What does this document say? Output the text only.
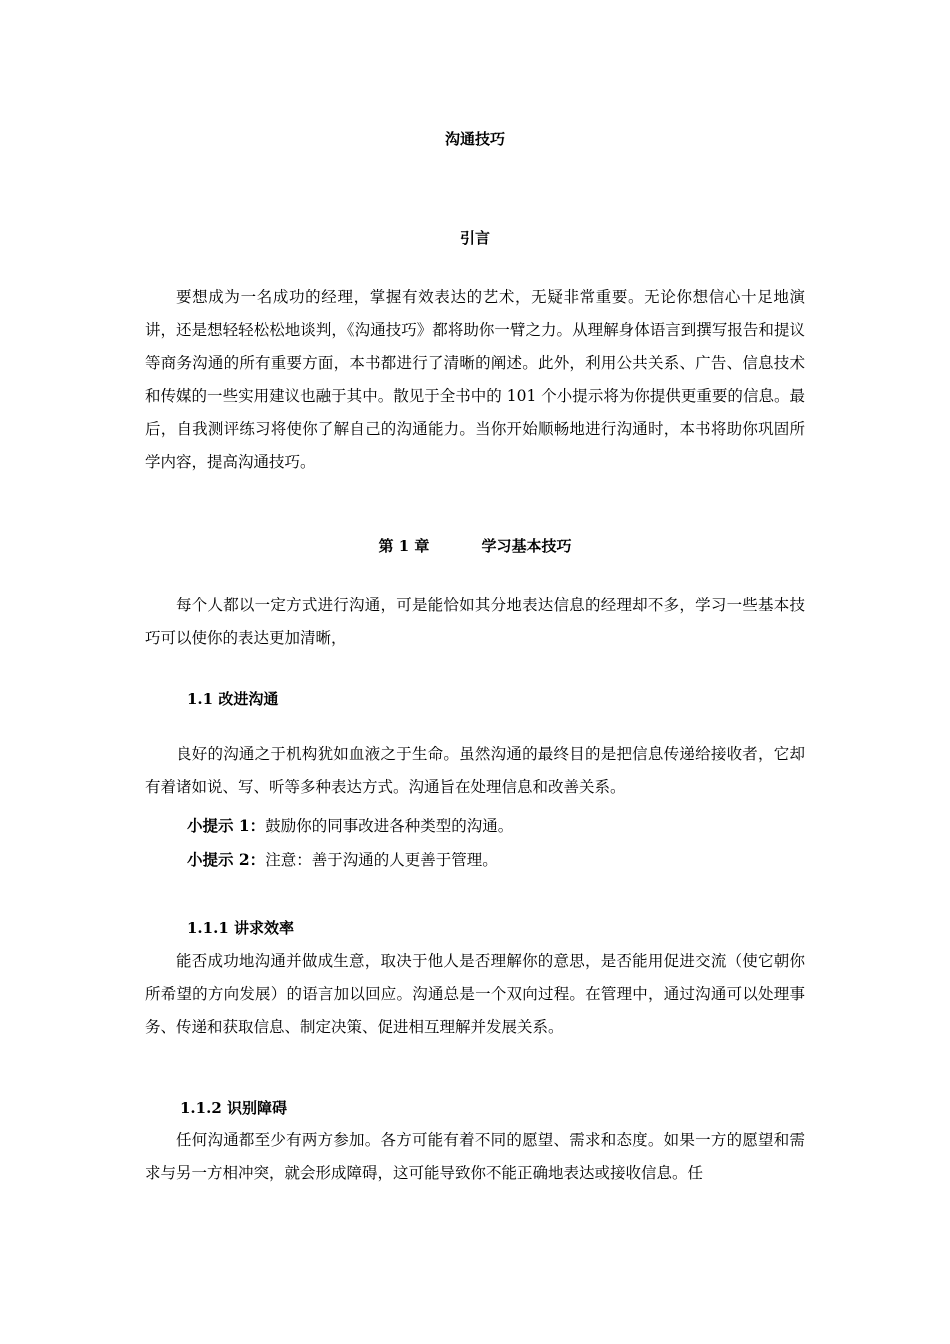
沟通技巧
引言
要想成为一名成功的经理，掌握有效表达的艺术，无疑非常重要。无论你想信心十足地演讲，还是想轻轻松松地谈判，《沟通技巧》都将助你一臂之力。从理解身体语言到撰写报告和提议等商务沟通的所有重要方面，本书都进行了清晰的阐述。此外，利用公共关系、广告、信息技术和传媒的一些实用建议也融于其中。散见于全书中的 101 个小提示将为你提供更重要的信息。最后，自我测评练习将使你了解自己的沟通能力。当你开始顺畅地进行沟通时，本书将助你巩固所学内容，提高沟通技巧。
第 1 章	学习基本技巧
每个人都以一定方式进行沟通，可是能恰如其分地表达信息的经理却不多，学习一些基本技巧可以使你的表达更加清晰，
1.1 改进沟通
良好的沟通之于机构犹如血液之于生命。虽然沟通的最终目的是把信息传递给接收者，它却有着诸如说、写、听等多种表达方式。沟通旨在处理信息和改善关系。
小提示 1：鼓励你的同事改进各种类型的沟通。
小提示 2：注意：善于沟通的人更善于管理。
1.1.1 讲求效率
能否成功地沟通并做成生意，取决于他人是否理解你的意思，是否能用促进交流（使它朝你所希望的方向发展）的语言加以回应。沟通总是一个双向过程。在管理中，通过沟通可以处理事务、传递和获取信息、制定决策、促进相互理解并发展关系。
1.1.2 识别障碍
任何沟通都至少有两方参加。各方可能有着不同的愿望、需求和态度。如果一方的愿望和需求与另一方相冲突，就会形成障碍，这可能导致你不能正确地表达或接收信息。任
